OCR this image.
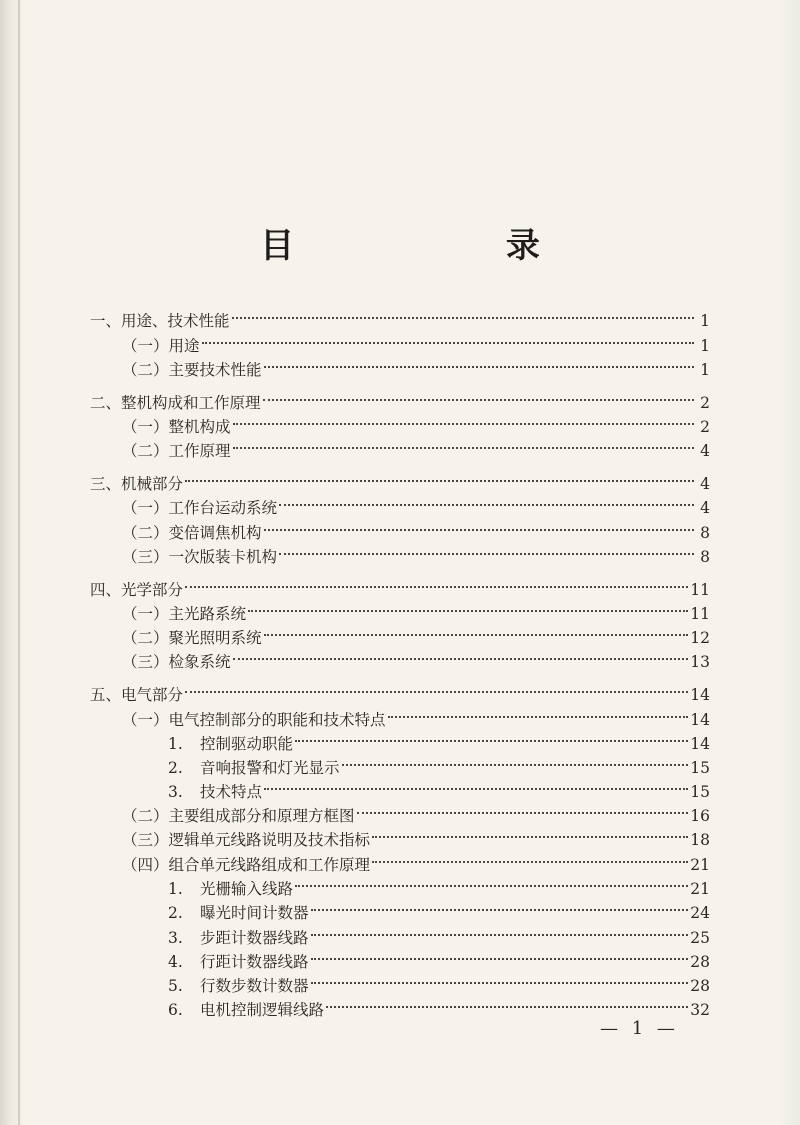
目 录
一、用途、技术性能	1
（一） 用途	1
（二） 主要技术性能	1
二、整机构成和工作原理	2
（一） 整机构成	2
（二） 工作原理	4
三、机械部分	4
（一） 工作台运动系统	4
（二） 变倍调焦机构	8
（三） 一次版装卡机构	8
四、光学部分	11
（一） 主光路系统	11
（二） 聚光照明系统	12
（三） 检象系统	13
五、电气部分	14
（一） 电气控制部分的职能和技术特点	14
1.	控制驱动职能	14
2.	音响报警和灯光显示	15
3.	技术特点	15
（二） 主要组成部分和原理方框图	16
（三） 逻辑单元线路说明及技术指标	18
（四） 组合单元线路组成和工作原理	21
1.	光栅输入线路	21
2.	曝光时间计数器	24
3.	步距计数器线路	25
4.	行距计数器线路	28
5.	行数步数计数器	28
6.	电机控制逻辑线路	32
— 1 —
